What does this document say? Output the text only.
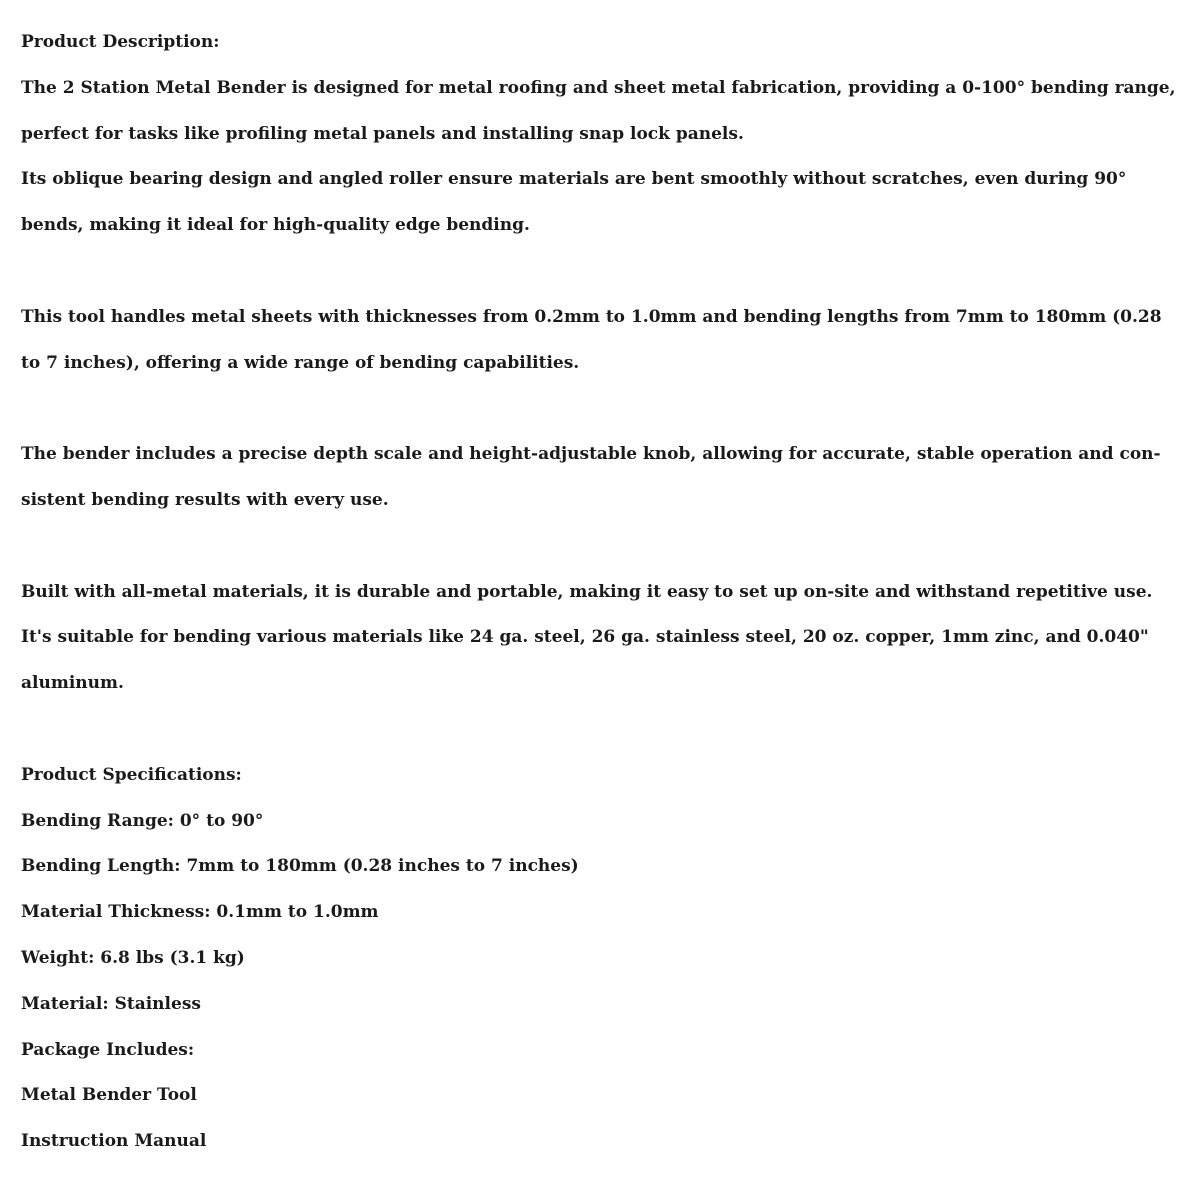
Product Description:
The 2 Station Metal Bender is designed for metal roofing and sheet metal fabrication, providing a 0-100° bending range,
perfect for tasks like profiling metal panels and installing snap lock panels.
Its oblique bearing design and angled roller ensure materials are bent smoothly without scratches, even during 90°
bends, making it ideal for high-quality edge bending.
This tool handles metal sheets with thicknesses from 0.2mm to 1.0mm and bending lengths from 7mm to 180mm (0.28
to 7 inches), offering a wide range of bending capabilities.
The bender includes a precise depth scale and height-adjustable knob, allowing for accurate, stable operation and con-
sistent bending results with every use.
Built with all-metal materials, it is durable and portable, making it easy to set up on-site and withstand repetitive use.
It's suitable for bending various materials like 24 ga. steel, 26 ga. stainless steel, 20 oz. copper, 1mm zinc, and 0.040"
aluminum.
Product Specifications:
Bending Range: 0° to 90°
Bending Length: 7mm to 180mm (0.28 inches to 7 inches)
Material Thickness: 0.1mm to 1.0mm
Weight: 6.8 lbs (3.1 kg)
Material: Stainless
Package Includes:
Metal Bender Tool
Instruction Manual
